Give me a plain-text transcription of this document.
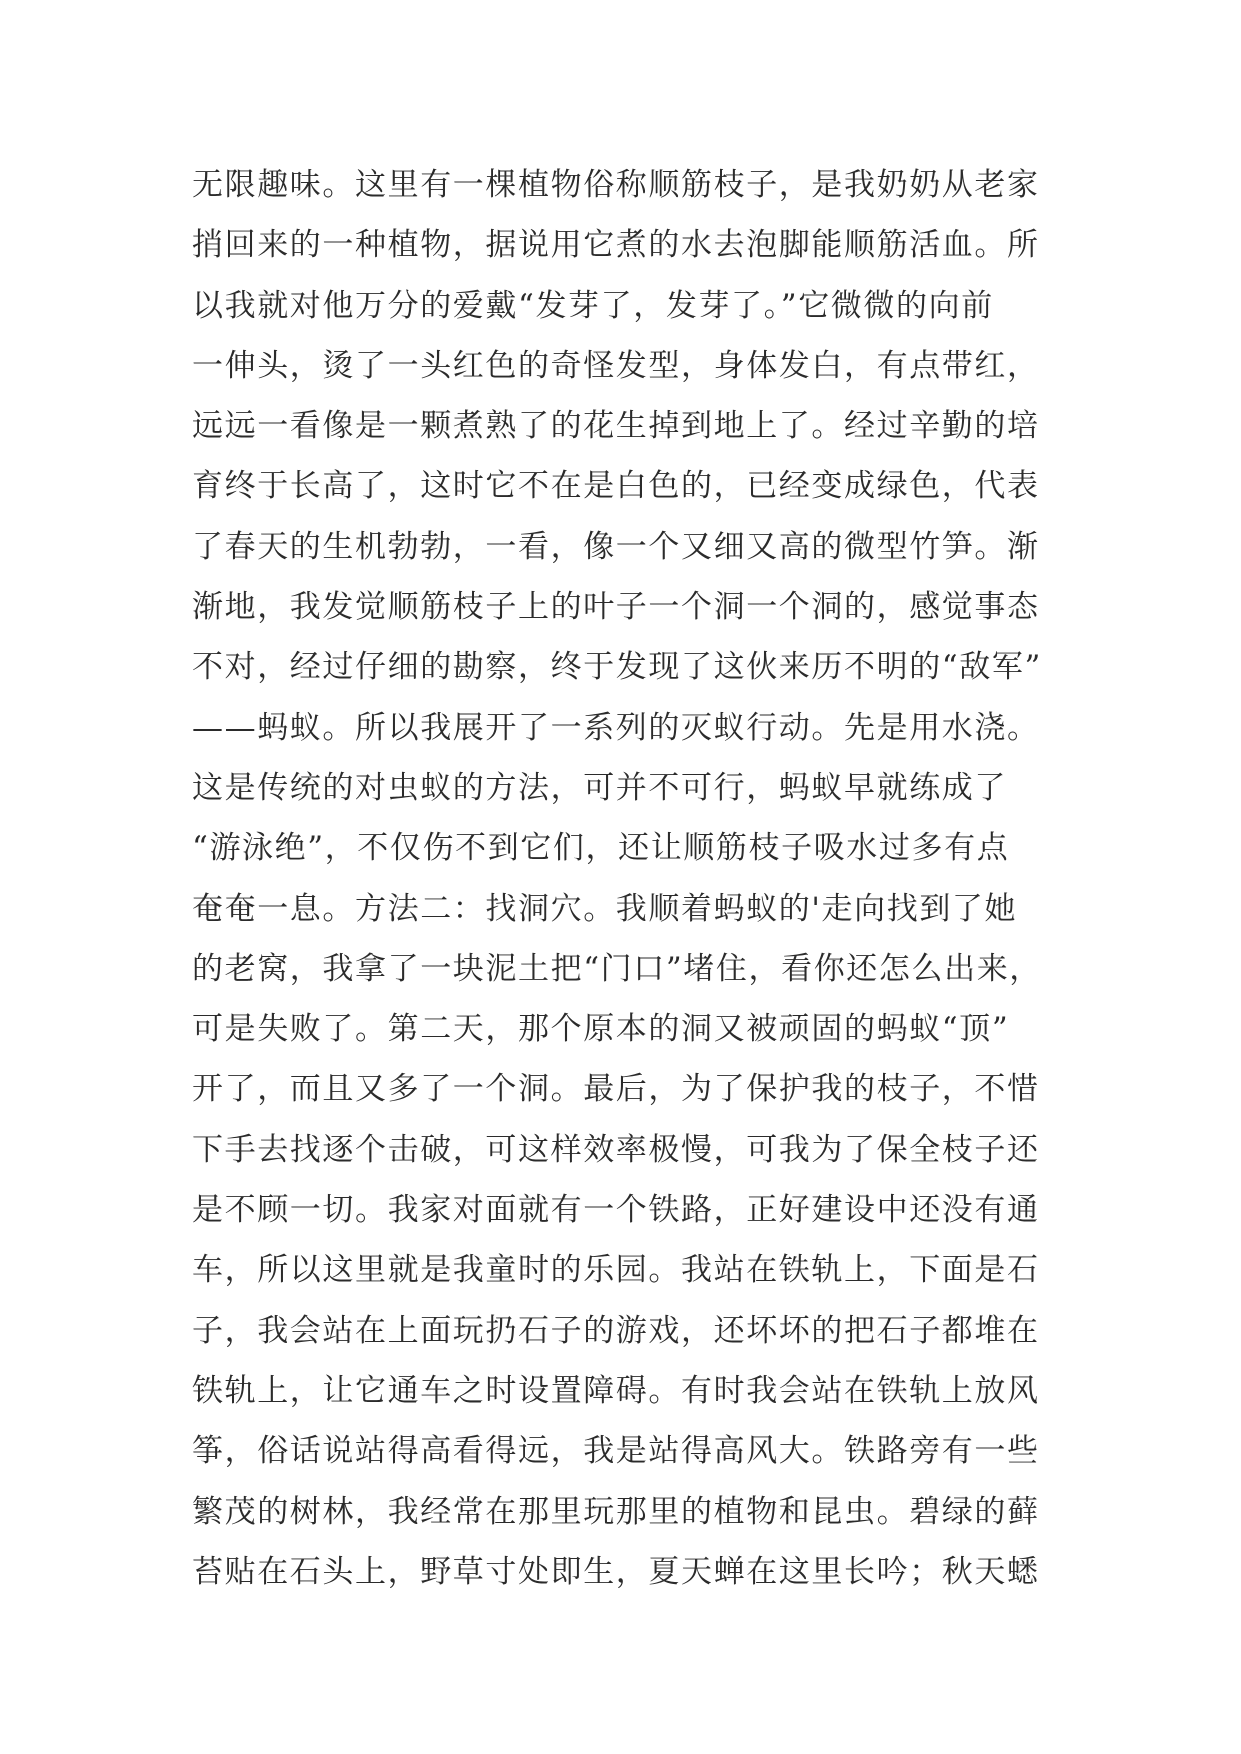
无限趣味。这里有一棵植物俗称顺筋枝子，是我奶奶从老家
捎回来的一种植物，据说用它煮的水去泡脚能顺筋活血。所
以我就对他万分的爱戴“发芽了，发芽了。”它微微的向前
一伸头，烫了一头红色的奇怪发型，身体发白，有点带红，
远远一看像是一颗煮熟了的花生掉到地上了。经过辛勤的培
育终于长高了，这时它不在是白色的，已经变成绿色，代表
了春天的生机勃勃，一看，像一个又细又高的微型竹笋。渐
渐地，我发觉顺筋枝子上的叶子一个洞一个洞的，感觉事态
不对，经过仔细的勘察，终于发现了这伙来历不明的“敌军”
——蚂蚁。所以我展开了一系列的灭蚁行动。先是用水浇。
这是传统的对虫蚁的方法，可并不可行，蚂蚁早就练成了
“游泳绝”，不仅伤不到它们，还让顺筋枝子吸水过多有点
奄奄一息。方法二：找洞穴。我顺着蚂蚁的'走向找到了她
的老窝，我拿了一块泥土把“门口”堵住，看你还怎么出来，
可是失败了。第二天，那个原本的洞又被顽固的蚂蚁“顶”
开了，而且又多了一个洞。最后，为了保护我的枝子，不惜
下手去找逐个击破，可这样效率极慢，可我为了保全枝子还
是不顾一切。我家对面就有一个铁路，正好建设中还没有通
车，所以这里就是我童时的乐园。我站在铁轨上，下面是石
子，我会站在上面玩扔石子的游戏，还坏坏的把石子都堆在
铁轨上，让它通车之时设置障碍。有时我会站在铁轨上放风
筝，俗话说站得高看得远，我是站得高风大。铁路旁有一些
繁茂的树林，我经常在那里玩那里的植物和昆虫。碧绿的藓
苔贴在石头上，野草寸处即生，夏天蝉在这里长吟；秋天蟋
